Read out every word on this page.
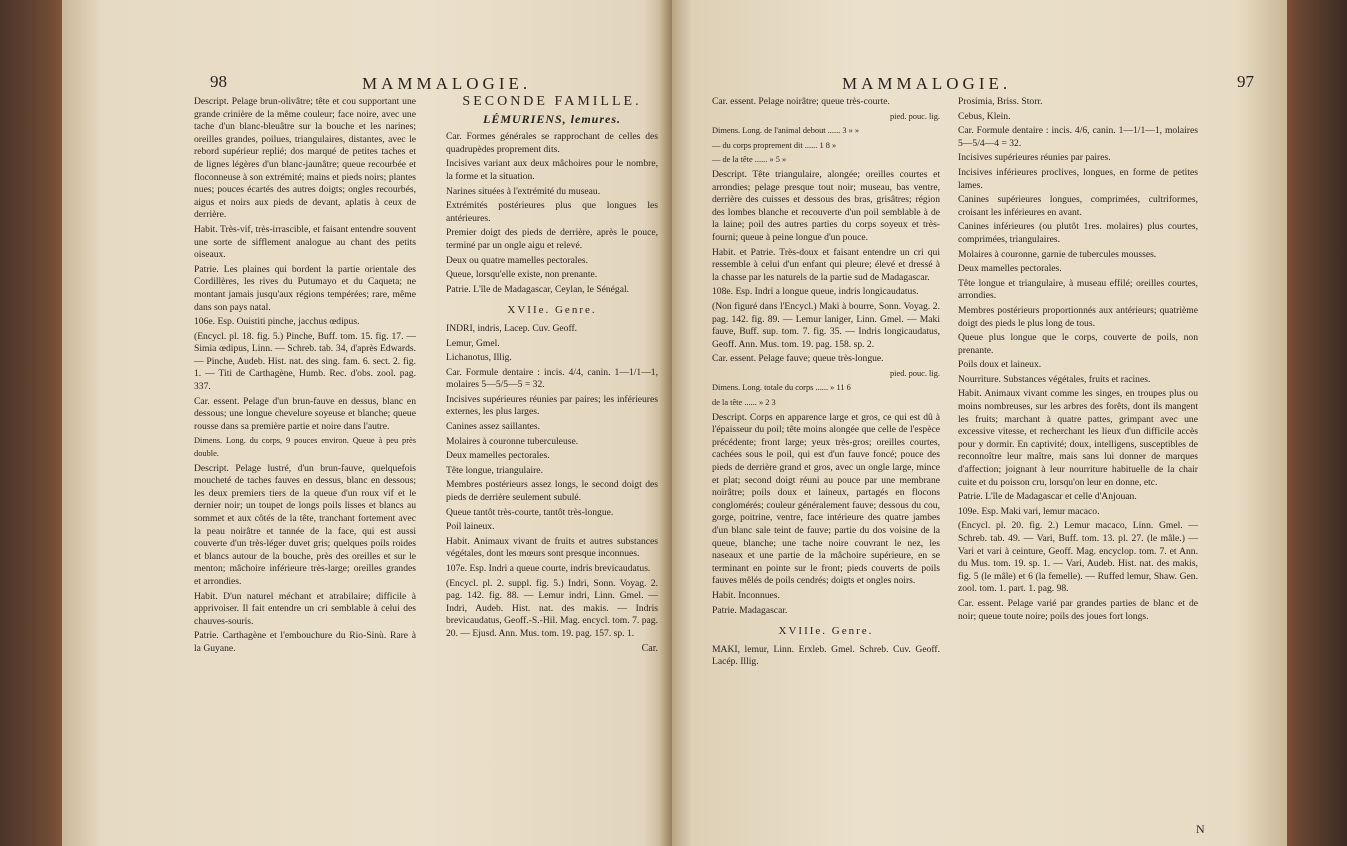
98	MAMMALOGIE.

Descript. Pelage brun-olivâtre; tête et cou supportant une grande crinière de la même couleur; face noire, avec une tache d'un blanc-bleuâtre sur la bouche et les narines; oreilles grandes, poilues, triangulaires, distantes, avec le rebord supérieur replié; dos marqué de petites taches et de lignes légères d'un blanc-jaunâtre; queue recourbée et floconneuse à son extrémité; mains et pieds noirs; plantes nues; pouces écartés des autres doigts; ongles recourbés, aigus et noirs aux pieds de devant, aplatis à ceux de derrière.

Habit. Très-vif, très-irrascible, et faisant entendre souvent une sorte de sifflement analogue au chant des petits oiseaux.

Patrie. Les plaines qui bordent la partie orientale des Cordillères, les rives du Putumayo et du Caqueta; ne montant jamais jusqu'aux régions tempérées; rare, même dans son pays natal.

106e. Esp. Ouistiti pinche, jacchus œdipus.

(Encycl. pl. 18. fig. 5.) Pinche, Buff. tom. 15. fig. 17. — Simia œdipus, Linn. — Schreb. tab. 34, d'après Edwards. — Pinche, Audeb. Hist. nat. des sing. fam. 6. sect. 2. fig. 1. — Titi de Carthagène, Humb. Rec. d'obs. zool. pag. 337.

Car. essent. Pelage d'un brun-fauve en dessus, blanc en dessous; une longue chevelure soyeuse et blanche; queue rousse dans sa première partie et noire dans l'autre.

Dimens. Long. du corps, 9 pouces environ. Queue à peu près double.

Descript. Pelage lustré, d'un brun-fauve, quelquefois moucheté de taches fauves en dessus, blanc en dessous; les deux premiers tiers de la queue d'un roux vif et le dernier noir; un toupet de longs poils lisses et blancs au sommet et aux côtés de la tête, tranchant fortement avec la peau noirâtre et tannée de la face, qui est aussi couverte d'un très-léger duvet gris; quelques poils roides et blancs autour de la bouche, près des oreilles et sur le menton; mâchoire inférieure très-large; oreilles grandes et arrondies.

Habit. D'un naturel méchant et atrabilaire; difficile à apprivoiser. Il fait entendre un cri semblable à celui des chauves-souris.

Patrie. Carthagène et l'embouchure du Rio-Sinù. Rare à la Guyane.

SECONDE FAMILLE.
LÉMURIENS, lemures.

Car. Formes générales se rapprochant de celles des quadrupèdes proprement dits.

Incisives variant aux deux mâchoires pour le nombre, la forme et la situation.

Narines situées à l'extrémité du museau.

Extrémités postérieures plus que longues les antérieures.

Premier doigt des pieds de derrière, après le pouce, terminé par un ongle aigu et relevé.

Deux ou quatre mamelles pectorales.

Queue, lorsqu'elle existe, non prenante.

Patrie. L'île de Madagascar, Ceylan, le Sénégal.

XVIIe. Genre.

INDRI, indris, Lacep. Cuv. Geoff.

Lemur, Gmel.

Lichanotus, Illig.

Car. Formule dentaire : incis. 4/4, canin. 1—1/1—1, molaires 5—5/5—5 = 32.

Incisives supérieures réunies par paires; les inférieures externes, les plus larges.

Canines assez saillantes.

Molaires à couronne tuberculeuse.

Deux mamelles pectorales.

Tête longue, triangulaire.

Membres postérieurs assez longs, le second doigt des pieds de derrière seulement subulé.

Queue tantôt très-courte, tantôt très-longue.

Poil laineux.

Habit. Animaux vivant de fruits et autres substances végétales, dont les mœurs sont presque inconnues.

107e. Esp. Indri a queue courte, indris brevicaudatus.

(Encycl. pl. 2. suppl. fig. 5.) Indri, Sonn. Voyag. 2. pag. 142. fig. 88. — Lemur indri, Linn. Gmel. — Indri, Audeb. Hist. nat. des makis. — Indris brevicaudatus, Geoff.-S.-Hil. Mag. encycl. tom. 7. pag. 20. — Ejusd. Ann. Mus. tom. 19. pag. 157. sp. 1.

Car.
MAMMALOGIE.	97

Car. essent. Pelage noirâtre; queue très-courte.

pied. pouc. lig.

Dimens. Long. de l'animal debout ...... 3 » »

— du corps proprement dit ...... 1 8 »

— de la tête ...... » 5 »

Descript. Tête triangulaire, alongée; oreilles courtes et arrondies; pelage presque tout noir; museau, bas ventre, derrière des cuisses et dessous des bras, grisâtres; région des lombes blanche et recouverte d'un poil semblable à de la laine; poil des autres parties du corps soyeux et très-fourni; queue à peine longue d'un pouce.

Habit. et Patrie. Très-doux et faisant entendre un cri qui ressemble à celui d'un enfant qui pleure; élevé et dressé à la chasse par les naturels de la partie sud de Madagascar.

108e. Esp. Indri a longue queue, indris longicaudatus.

(Non figuré dans l'Encycl.) Maki à bourre, Sonn. Voyag. 2. pag. 142. fig. 89. — Lemur laniger, Linn. Gmel. — Maki fauve, Buff. sup. tom. 7. fig. 35. — Indris longicaudatus, Geoff. Ann. Mus. tom. 19. pag. 158. sp. 2.

Car. essent. Pelage fauve; queue très-longue.

pied. pouc. lig.

Dimens. Long. totale du corps ...... » 11 6

de la tête ...... » 2 3

Descript. Corps en apparence large et gros, ce qui est dû à l'épaisseur du poil; tête moins alongée que celle de l'espèce précédente; front large; yeux très-gros; oreilles courtes, cachées sous le poil, qui est d'un fauve foncé; pouce des pieds de derrière grand et gros, avec un ongle large, mince et plat; second doigt réuni au pouce par une membrane noirâtre; poils doux et laineux, partagés en flocons conglomérés; couleur généralement fauve; dessous du cou, gorge, poitrine, ventre, face intérieure des quatre jambes d'un blanc sale teint de fauve; partie du dos voisine de la queue, blanche; une tache noire couvrant le nez, les naseaux et une partie de la mâchoire supérieure, en se terminant en pointe sur le front; pieds couverts de poils fauves mêlés de poils cendrés; doigts et ongles noirs.

Habit. Inconnues.

Patrie. Madagascar.

XVIIIe. Genre.

MAKI, lemur, Linn. Erxleb. Gmel. Schreb. Cuv. Geoff. Lacép. Illig.

Prosimia, Briss. Storr.

Cebus, Klein.

Car. Formule dentaire : incis. 4/6, canin. 1—1/1—1, molaires 5—5/4—4 = 32.

Incisives supérieures réunies par paires.

Incisives inférieures proclives, longues, en forme de petites lames.

Canines supérieures longues, comprimées, cultriformes, croisant les inférieures en avant.

Canines inférieures (ou plutôt 1res. molaires) plus courtes, comprimées, triangulaires.

Molaires à couronne, garnie de tubercules mousses.

Deux mamelles pectorales.

Tête longue et triangulaire, à museau effilé; oreilles courtes, arrondies.

Membres postérieurs proportionnés aux antérieurs; quatrième doigt des pieds le plus long de tous.

Queue plus longue que le corps, couverte de poils, non prenante.

Poils doux et laineux.

Nourriture. Substances végétales, fruits et racines.

Habit. Animaux vivant comme les singes, en troupes plus ou moins nombreuses, sur les arbres des forêts, dont ils mangent les fruits; marchant à quatre pattes, grimpant avec une excessive vitesse, et recherchant les lieux d'un difficile accès pour y dormir. En captivité; doux, intelligens, susceptibles de reconnoître leur maître, mais sans lui donner de marques d'affection; joignant à leur nourriture habituelle de la chair cuite et du poisson cru, lorsqu'on leur en donne, etc.

Patrie. L'île de Madagascar et celle d'Anjouan.

109e. Esp. Maki vari, lemur macaco.

(Encycl. pl. 20. fig. 2.) Lemur macaco, Linn. Gmel. — Schreb. tab. 49. — Vari, Buff. tom. 13. pl. 27. (le mâle.) — Vari et vari à ceinture, Geoff. Mag. encyclop. tom. 7. et Ann. du Mus. tom. 19. sp. 1. — Vari, Audeb. Hist. nat. des makis, fig. 5 (le mâle) et 6 (la femelle). — Ruffed lemur, Shaw. Gen. zool. tom. 1. part. 1. pag. 98.

Car. essent. Pelage varié par grandes parties de blanc et de noir; queue toute noire; poils des joues fort longs.

N
